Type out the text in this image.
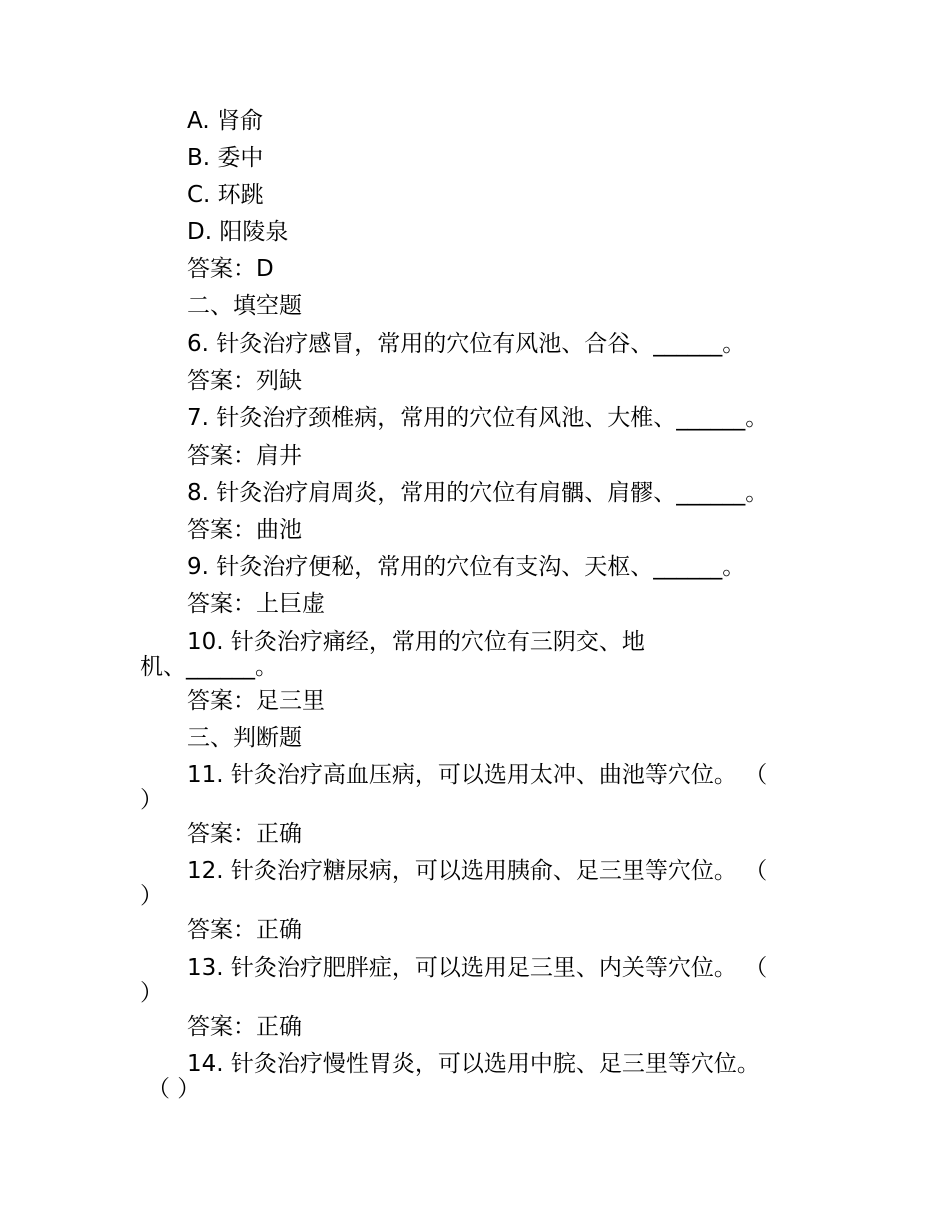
A. 肾俞
B. 委中
C. 环跳
D. 阳陵泉
答案：D
二、填空题
6. 针灸治疗感冒，常用的穴位有风池、合谷、______。
答案：列缺
7. 针灸治疗颈椎病，常用的穴位有风池、大椎、______。
答案：肩井
8. 针灸治疗肩周炎，常用的穴位有肩髃、肩髎、______。
答案：曲池
9. 针灸治疗便秘，常用的穴位有支沟、天枢、______。
答案：上巨虚
10. 针灸治疗痛经，常用的穴位有三阴交、地
机、______。
答案：足三里
三、判断题
11. 针灸治疗高血压病，可以选用太冲、曲池等穴位。 （
）
答案：正确
12. 针灸治疗糖尿病，可以选用胰俞、足三里等穴位。 （
）
答案：正确
13. 针灸治疗肥胖症，可以选用足三里、内关等穴位。 （
）
答案：正确
14. 针灸治疗慢性胃炎，可以选用中脘、足三里等穴位。
（ ）
